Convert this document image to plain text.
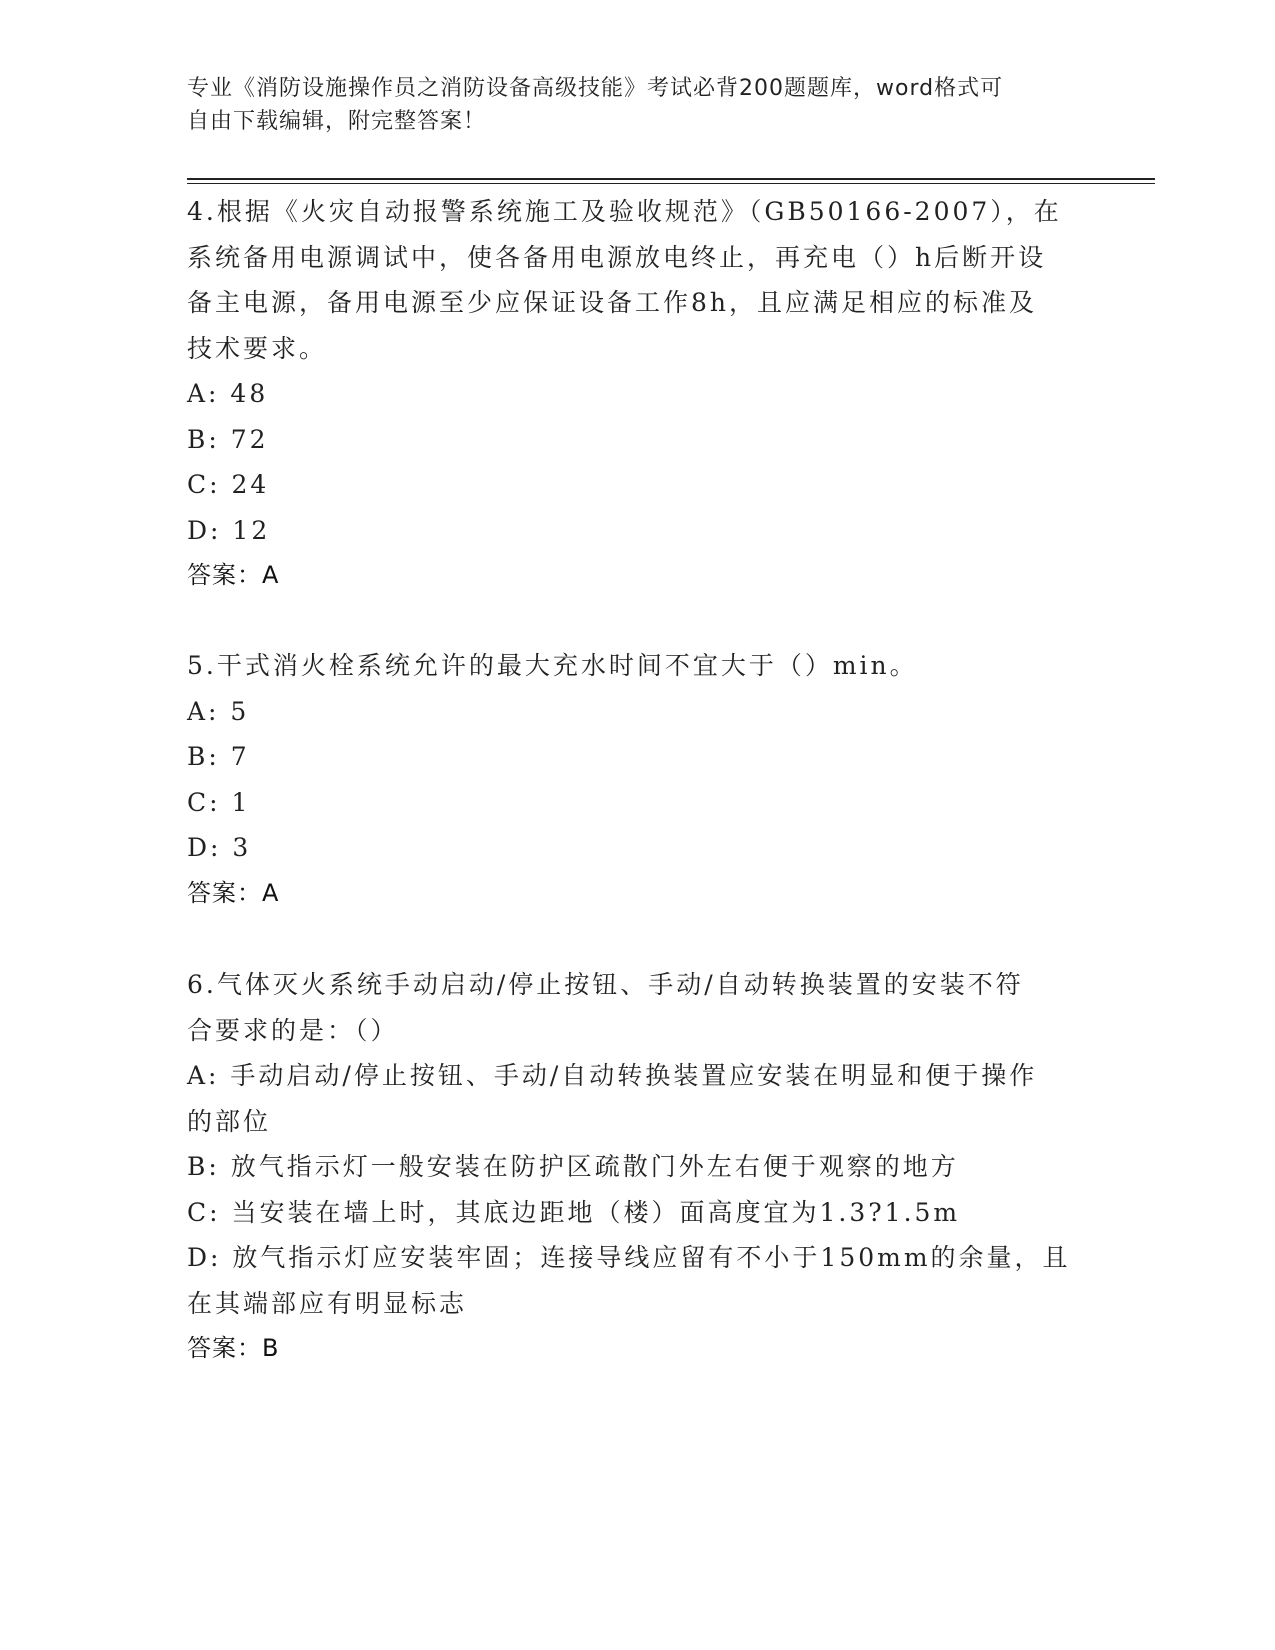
专业《消防设施操作员之消防设备高级技能》考试必背200题题库，word格式可
自由下载编辑，附完整答案！
4.根据《火灾自动报警系统施工及验收规范》（GB50166-2007），在
系统备用电源调试中，使各备用电源放电终止，再充电（）h后断开设
备主电源，备用电源至少应保证设备工作8h，且应满足相应的标准及
技术要求。
A: 48
B: 72
C: 24
D: 12
答案：A
5.干式消火栓系统允许的最大充水时间不宜大于（）min。
A: 5
B: 7
C: 1
D: 3
答案：A
6.气体灭火系统手动启动/停止按钮、手动/自动转换装置的安装不符
合要求的是：（）
A: 手动启动/停止按钮、手动/自动转换装置应安装在明显和便于操作
的部位
B: 放气指示灯一般安装在防护区疏散门外左右便于观察的地方
C: 当安装在墙上时，其底边距地（楼）面高度宜为1.3?1.5m
D: 放气指示灯应安装牢固；连接导线应留有不小于150mm的余量，且
在其端部应有明显标志
答案：B
